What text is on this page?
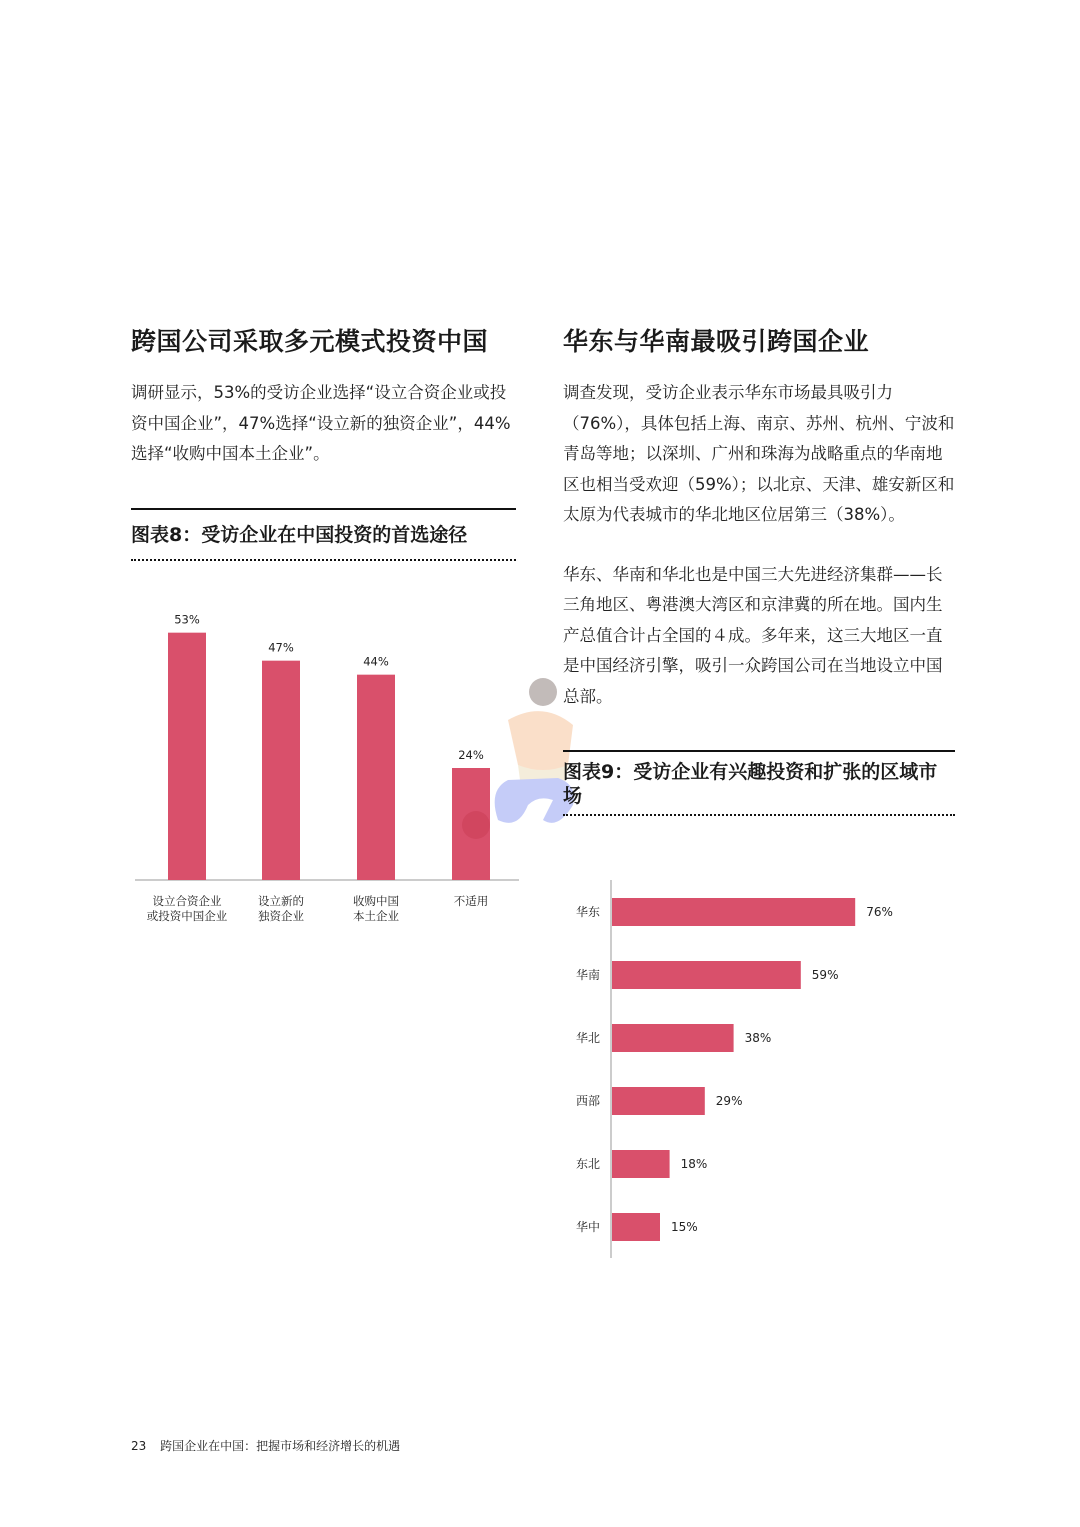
跨国公司采取多元模式投资中国

调研显示，53%的受访企业选择“设立合资企业或投资中国企业”，47%选择“设立新的独资企业”，44%选择“收购中国本土企业”。

图表8：受访企业在中国投资的首选途径
53%
设立合资企业
或投资中国企业
47%
设立新的
独资企业
44%
收购中国
本土企业
24%
不适用
华东与华南最吸引跨国企业

调查发现，受访企业表示华东市场最具吸引力（76%），具体包括上海、南京、苏州、杭州、宁波和青岛等地；以深圳、广州和珠海为战略重点的华南地区也相当受欢迎（59%）；以北京、天津、雄安新区和太原为代表城市的华北地区位居第三（38%）。

华东、华南和华北也是中国三大先进经济集群——长三角地区、粤港澳大湾区和京津冀的所在地。国内生产总值合计占全国的４成。多年来，这三大地区一直是中国经济引擎，吸引一众跨国公司在当地设立中国总部。

图表9：受访企业有兴趣投资和扩张的区域市场
华东	76%
华南	59%
华北	38%
西部	29%
东北	18%
华中	15%
23 跨国企业在中国：把握市场和经济增长的机遇
